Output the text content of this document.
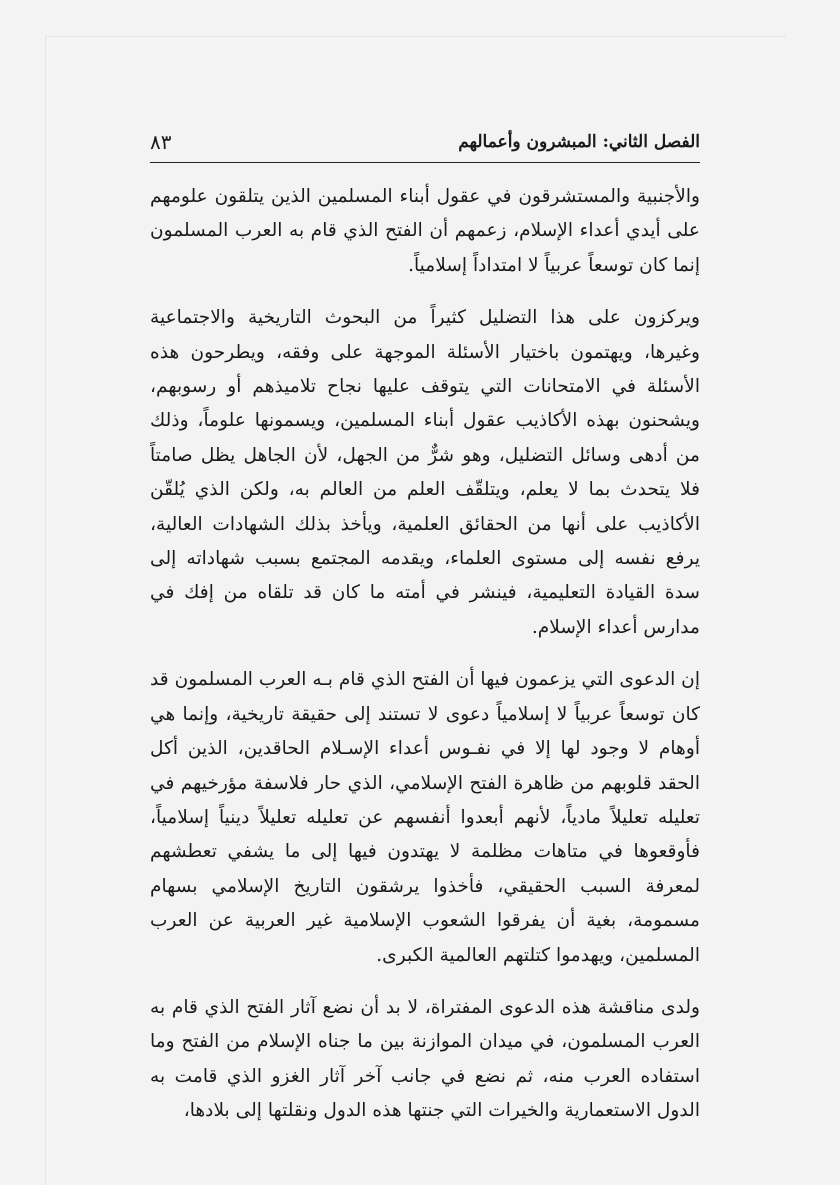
الفصل الثاني: المبشرون وأعمالهم
٨٣

والأجنبية والمستشرقون في عقول أبناء المسلمين الذين يتلقون علومهم على أيدي أعداء الإسلام، زعمهم أن الفتح الذي قام به العرب المسلمون إنما كان توسعاً عربياً لا امتداداً إسلامياً.

ويركزون على هذا التضليل كثيراً من البحوث التاريخية والاجتماعية وغيرها، ويهتمون باختيار الأسئلة الموجهة على وفقه، ويطرحون هذه الأسئلة في الامتحانات التي يتوقف عليها نجاح تلاميذهم أو رسوبهم، ويشحنون بهذه الأكاذيب عقول أبناء المسلمين، ويسمونها علوماً، وذلك من أدهى وسائل التضليل، وهو شرٌّ من الجهل، لأن الجاهل يظل صامتاً فلا يتحدث بما لا يعلم، ويتلقّف العلم من العالم به، ولكن الذي يُلقّن الأكاذيب على أنها من الحقائق العلمية، ويأخذ بذلك الشهادات العالية، يرفع نفسه إلى مستوى العلماء، ويقدمه المجتمع بسبب شهاداته إلى سدة القيادة التعليمية، فينشر في أمته ما كان قد تلقاه من إفك في مدارس أعداء الإسلام.

إن الدعوى التي يزعمون فيها أن الفتح الذي قام بـه العرب المسلمون قد كان توسعاً عربياً لا إسلامياً دعوى لا تستند إلى حقيقة تاريخية، وإنما هي أوهام لا وجود لها إلا في نفـوس أعداء الإسـلام الحاقدين، الذين أكل الحقد قلوبهم من ظاهرة الفتح الإسلامي، الذي حار فلاسفة مؤرخيهم في تعليله تعليلاً مادياً، لأنهم أبعدوا أنفسهم عن تعليله تعليلاً دينياً إسلامياً، فأوقعوها في متاهات مظلمة لا يهتدون فيها إلى ما يشفي تعطشهم لمعرفة السبب الحقيقي، فأخذوا يرشقون التاريخ الإسلامي بسهام مسمومة، بغية أن يفرقوا الشعوب الإسلامية غير العربية عن العرب المسلمين، ويهدموا كتلتهم العالمية الكبرى.

ولدى مناقشة هذه الدعوى المفتراة، لا بد أن نضع آثار الفتح الذي قام به العرب المسلمون، في ميدان الموازنة بين ما جناه الإسلام من الفتح وما استفاده العرب منه، ثم نضع في جانب آخر آثار الغزو الذي قامت به الدول الاستعمارية والخيرات التي جنتها هذه الدول ونقلتها إلى بلادها،
